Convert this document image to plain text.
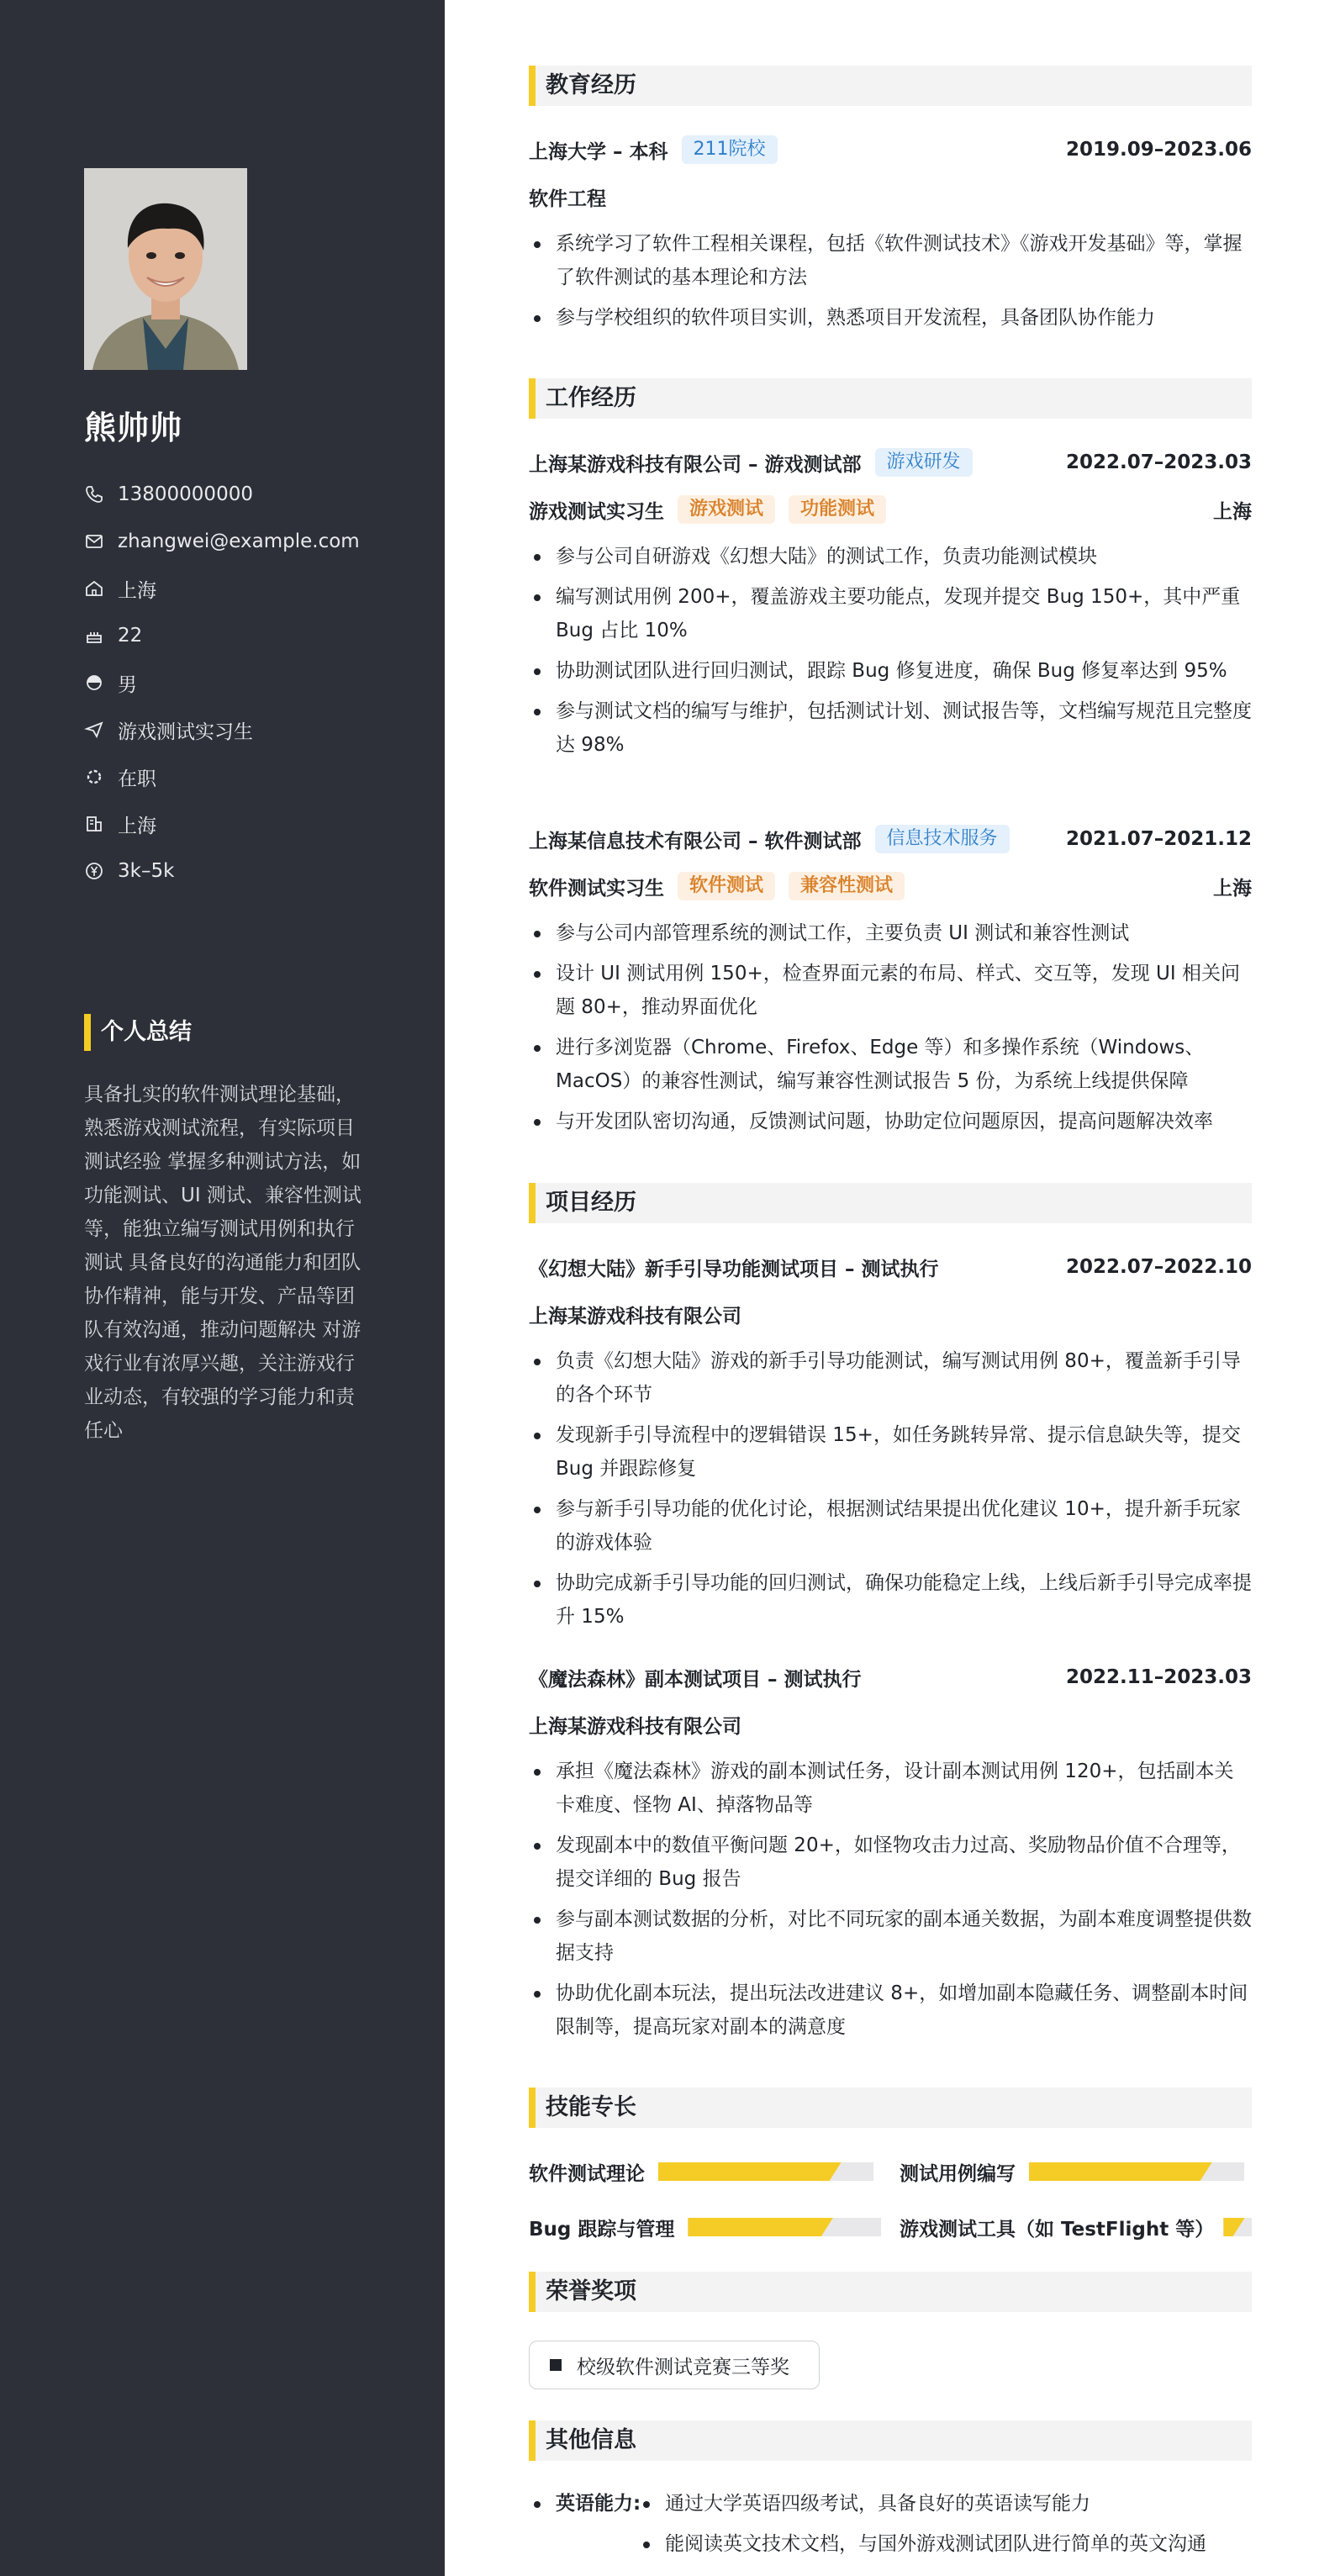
熊帅帅
13800000000
zhangwei@example.com
上海
22
男
游戏测试实习生
在职
上海
3k–5k
个人总结
具备扎实的软件测试理论基础，熟悉游戏测试流程，有实际项目测试经验 掌握多种测试方法，如功能测试、UI 测试、兼容性测试等，能独立编写测试用例和执行测试 具备良好的沟通能力和团队协作精神，能与开发、产品等团队有效沟通，推动问题解决 对游戏行业有浓厚兴趣，关注游戏行业动态，有较强的学习能力和责任心
教育经历
上海大学 – 本科	211院校	2019.09–2023.06
软件工程
系统学习了软件工程相关课程，包括《软件测试技术》《游戏开发基础》等，掌握了软件测试的基本理论和方法
参与学校组织的软件项目实训，熟悉项目开发流程，具备团队协作能力
工作经历
上海某游戏科技有限公司 – 游戏测试部	游戏研发	2022.07–2023.03
游戏测试实习生	游戏测试	功能测试	上海
参与公司自研游戏《幻想大陆》的测试工作，负责功能测试模块
编写测试用例 200+，覆盖游戏主要功能点，发现并提交 Bug 150+，其中严重 Bug 占比 10%
协助测试团队进行回归测试，跟踪 Bug 修复进度，确保 Bug 修复率达到 95%
参与测试文档的编写与维护，包括测试计划、测试报告等，文档编写规范且完整度达 98%
上海某信息技术有限公司 – 软件测试部	信息技术服务	2021.07–2021.12
软件测试实习生	软件测试	兼容性测试	上海
参与公司内部管理系统的测试工作，主要负责 UI 测试和兼容性测试
设计 UI 测试用例 150+，检查界面元素的布局、样式、交互等，发现 UI 相关问题 80+，推动界面优化
进行多浏览器（Chrome、Firefox、Edge 等）和多操作系统（Windows、MacOS）的兼容性测试，编写兼容性测试报告 5 份，为系统上线提供保障
与开发团队密切沟通，反馈测试问题，协助定位问题原因，提高问题解决效率
项目经历
《幻想大陆》新手引导功能测试项目 – 测试执行	2022.07–2022.10
上海某游戏科技有限公司
负责《幻想大陆》游戏的新手引导功能测试，编写测试用例 80+，覆盖新手引导的各个环节
发现新手引导流程中的逻辑错误 15+，如任务跳转异常、提示信息缺失等，提交 Bug 并跟踪修复
参与新手引导功能的优化讨论，根据测试结果提出优化建议 10+，提升新手玩家的游戏体验
协助完成新手引导功能的回归测试，确保功能稳定上线，上线后新手引导完成率提升 15%
《魔法森林》副本测试项目 – 测试执行	2022.11–2023.03
上海某游戏科技有限公司
承担《魔法森林》游戏的副本测试任务，设计副本测试用例 120+，包括副本关卡难度、怪物 AI、掉落物品等
发现副本中的数值平衡问题 20+，如怪物攻击力过高、奖励物品价值不合理等，提交详细的 Bug 报告
参与副本测试数据的分析，对比不同玩家的副本通关数据，为副本难度调整提供数据支持
协助优化副本玩法，提出玩法改进建议 8+，如增加副本隐藏任务、调整副本时间限制等，提高玩家对副本的满意度
技能专长
软件测试理论	测试用例编写
Bug 跟踪与管理	游戏测试工具（如 TestFlight 等）
荣誉奖项
校级软件测试竞赛三等奖
其他信息
英语能力:	通过大学英语四级考试，具备良好的英语读写能力
能阅读英文技术文档，与国外游戏测试团队进行简单的英文沟通
